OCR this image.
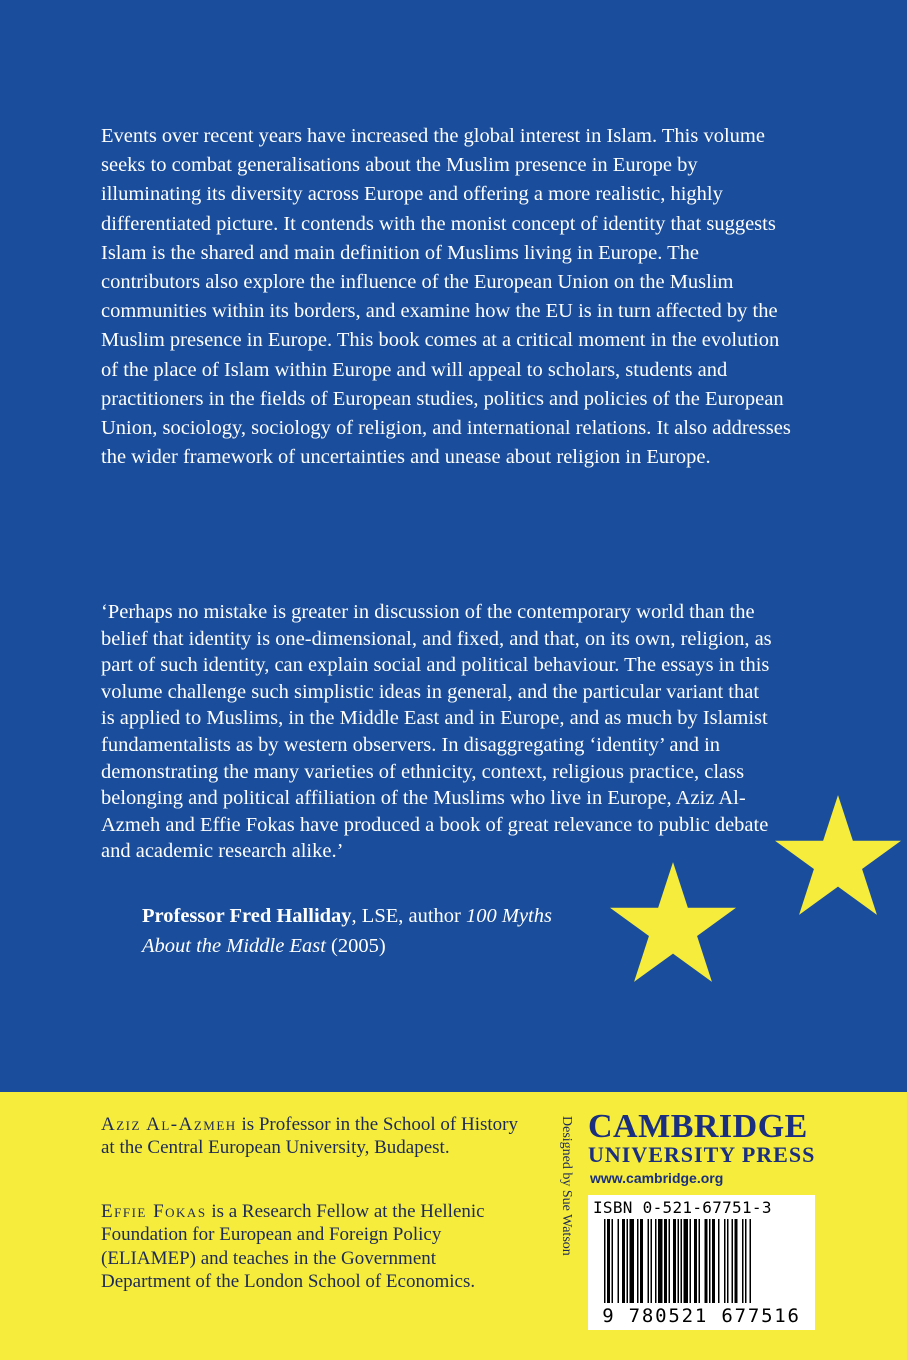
Events over recent years have increased the global interest in Islam. This volume seeks to combat generalisations about the Muslim presence in Europe by illuminating its diversity across Europe and offering a more realistic, highly differentiated picture. It contends with the monist concept of identity that suggests Islam is the shared and main definition of Muslims living in Europe. The contributors also explore the influence of the European Union on the Muslim communities within its borders, and examine how the EU is in turn affected by the Muslim presence in Europe. This book comes at a critical moment in the evolution of the place of Islam within Europe and will appeal to scholars, students and practitioners in the fields of European studies, politics and policies of the European Union, sociology, sociology of religion, and international relations. It also addresses the wider framework of uncertainties and unease about religion in Europe.

‘Perhaps no mistake is greater in discussion of the contemporary world than the belief that identity is one-dimensional, and fixed, and that, on its own, religion, as part of such identity, can explain social and political behaviour. The essays in this volume challenge such simplistic ideas in general, and the particular variant that is applied to Muslims, in the Middle East and in Europe, and as much by Islamist fundamentalists as by western observers. In disaggregating ‘identity’ and in demonstrating the many varieties of ethnicity, context, religious practice, class belonging and political affiliation of the Muslims who live in Europe, Aziz Al-Azmeh and Effie Fokas have produced a book of great relevance to public debate and academic research alike.’

Professor Fred Halliday, LSE, author 100 Myths About the Middle East (2005)

Aziz Al-Azmeh is Professor in the School of History at the Central European University, Budapest.

Effie Fokas is a Research Fellow at the Hellenic Foundation for European and Foreign Policy (ELIAMEP) and teaches in the Government Department of the London School of Economics.

Designed by Sue Watson CAMBRIDGE

UNIVERSITY PRESS

www.cambridge.org

ISBN 0-521-67751-3

9 780521 677516
